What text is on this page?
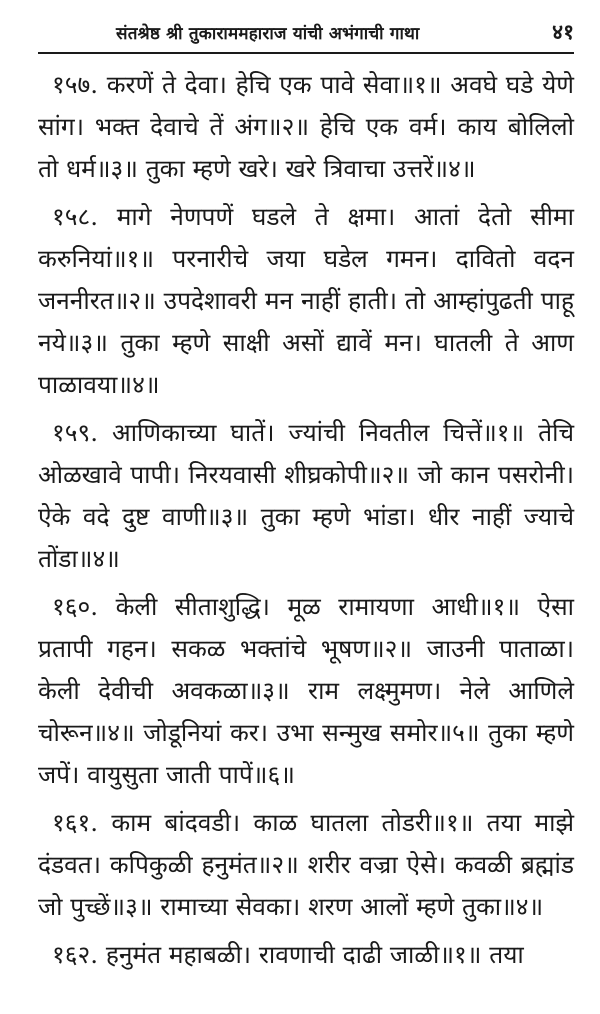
संतश्रेष्ठ श्री तुकाराममहाराज यांची अभंगाची गाथा	४१

१५७. करणें ते देवा। हेचि एक पावे सेवा॥१॥ अवघे घडे येणे सांग। भक्त देवाचे तें अंग॥२॥ हेचि एक वर्म। काय बोलिलो तो धर्म॥३॥ तुका म्हणे खरे। खरे त्रिवाचा उत्तरें॥४॥

१५८. मागे नेणपणें घडले ते क्षमा। आतां देतो सीमा करुनियां॥१॥ परनारीचे जया घडेल गमन। दावितो वदन जननीरत॥२॥ उपदेशावरी मन नाहीं हाती। तो आम्हांपुढती पाहू नये॥३॥ तुका म्हणे साक्षी असों द्यावें मन। घातली ते आण पाळावया॥४॥

१५९. आणिकाच्या घातें। ज्यांची निवतील चित्तें॥१॥ तेचि ओळखावे पापी। निरयवासी शीघ्रकोपी॥२॥ जो कान पसरोनी। ऐके वदे दुष्ट वाणी॥३॥ तुका म्हणे भांडा। धीर नाहीं ज्याचे तोंडा॥४॥

१६०. केली सीताशुद्धि। मूळ रामायणा आधी॥१॥ ऐसा प्रतापी गहन। सकळ भक्तांचे भूषण॥२॥ जाउनी पाताळा। केली देवीची अवकळा॥३॥ राम लक्ष्मुमण। नेले आणिले चोरून॥४॥ जोडूनियां कर। उभा सन्मुख समोर॥५॥ तुका म्हणे जपें। वायुसुता जाती पापें॥६॥

१६१. काम बांदवडी। काळ घातला तोडरी॥१॥ तया माझे दंडवत। कपिकुळी हनुमंत॥२॥ शरीर वज्रा ऐसे। कवळी ब्रह्मांड जो पुच्छें॥३॥ रामाच्या सेवका। शरण आलों म्हणे तुका॥४॥

१६२. हनुमंत महाबळी। रावणाची दाढी जाळी॥१॥ तया
